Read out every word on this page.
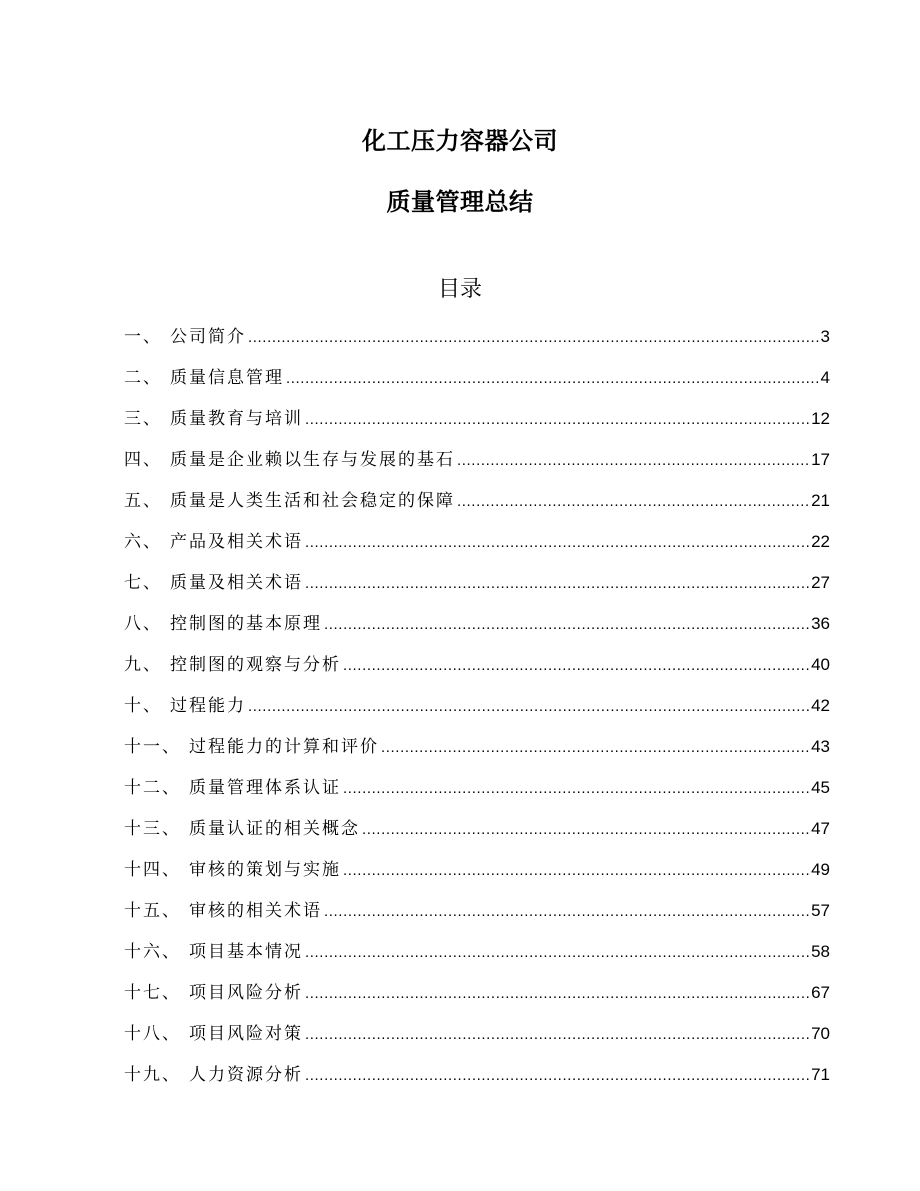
化工压力容器公司
质量管理总结
目录
一、 公司简介 .....	3
二、 质量信息管理 .....	4
三、 质量教育与培训 .....	12
四、 质量是企业赖以生存与发展的基石 .....	17
五、 质量是人类生活和社会稳定的保障 .....	21
六、 产品及相关术语 .....	22
七、 质量及相关术语 .....	27
八、 控制图的基本原理 .....	36
九、 控制图的观察与分析 .....	40
十、 过程能力 .....	42
十一、 过程能力的计算和评价 .....	43
十二、 质量管理体系认证 .....	45
十三、 质量认证的相关概念 .....	47
十四、 审核的策划与实施 .....	49
十五、 审核的相关术语 .....	57
十六、 项目基本情况 .....	58
十七、 项目风险分析 .....	67
十八、 项目风险对策 .....	70
十九、 人力资源分析 .....	71
